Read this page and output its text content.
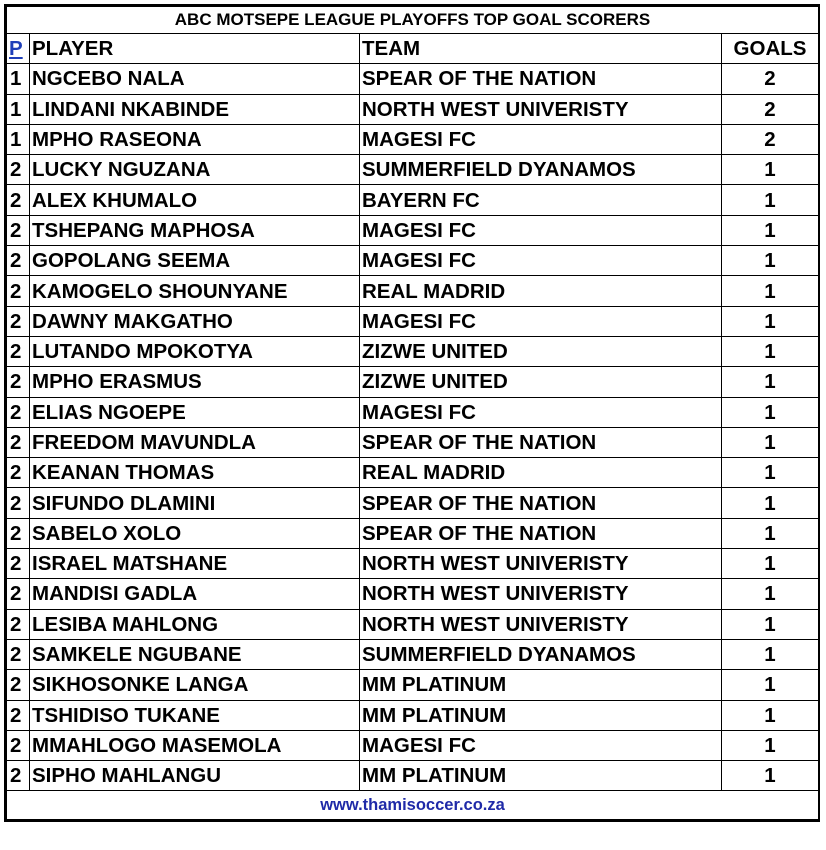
ABC MOTSEPE LEAGUE PLAYOFFS TOP GOAL SCORERS			
P	PLAYER	TEAM	GOALS
1	NGCEBO NALA	SPEAR OF THE NATION	2
1	LINDANI NKABINDE	NORTH WEST UNIVERISTY	2
1	MPHO RASEONA	MAGESI FC	2
2	LUCKY NGUZANA	SUMMERFIELD DYANAMOS	1
2	ALEX KHUMALO	BAYERN FC	1
2	TSHEPANG MAPHOSA	MAGESI FC	1
2	GOPOLANG SEEMA	MAGESI FC	1
2	KAMOGELO SHOUNYANE	REAL MADRID	1
2	DAWNY MAKGATHO	MAGESI FC	1
2	LUTANDO MPOKOTYA	ZIZWE UNITED	1
2	MPHO ERASMUS	ZIZWE UNITED	1
2	ELIAS NGOEPE	MAGESI FC	1
2	FREEDOM MAVUNDLA	SPEAR OF THE NATION	1
2	KEANAN THOMAS	REAL MADRID	1
2	SIFUNDO DLAMINI	SPEAR OF THE NATION	1
2	SABELO XOLO	SPEAR OF THE NATION	1
2	ISRAEL MATSHANE	NORTH WEST UNIVERISTY	1
2	MANDISI GADLA	NORTH WEST UNIVERISTY	1
2	LESIBA MAHLONG	NORTH WEST UNIVERISTY	1
2	SAMKELE NGUBANE	SUMMERFIELD DYANAMOS	1
2	SIKHOSONKE LANGA	MM PLATINUM	1
2	TSHIDISO TUKANE	MM PLATINUM	1
2	MMAHLOGO MASEMOLA	MAGESI FC	1
2	SIPHO MAHLANGU	MM PLATINUM	1
www.thamisoccer.co.za			
